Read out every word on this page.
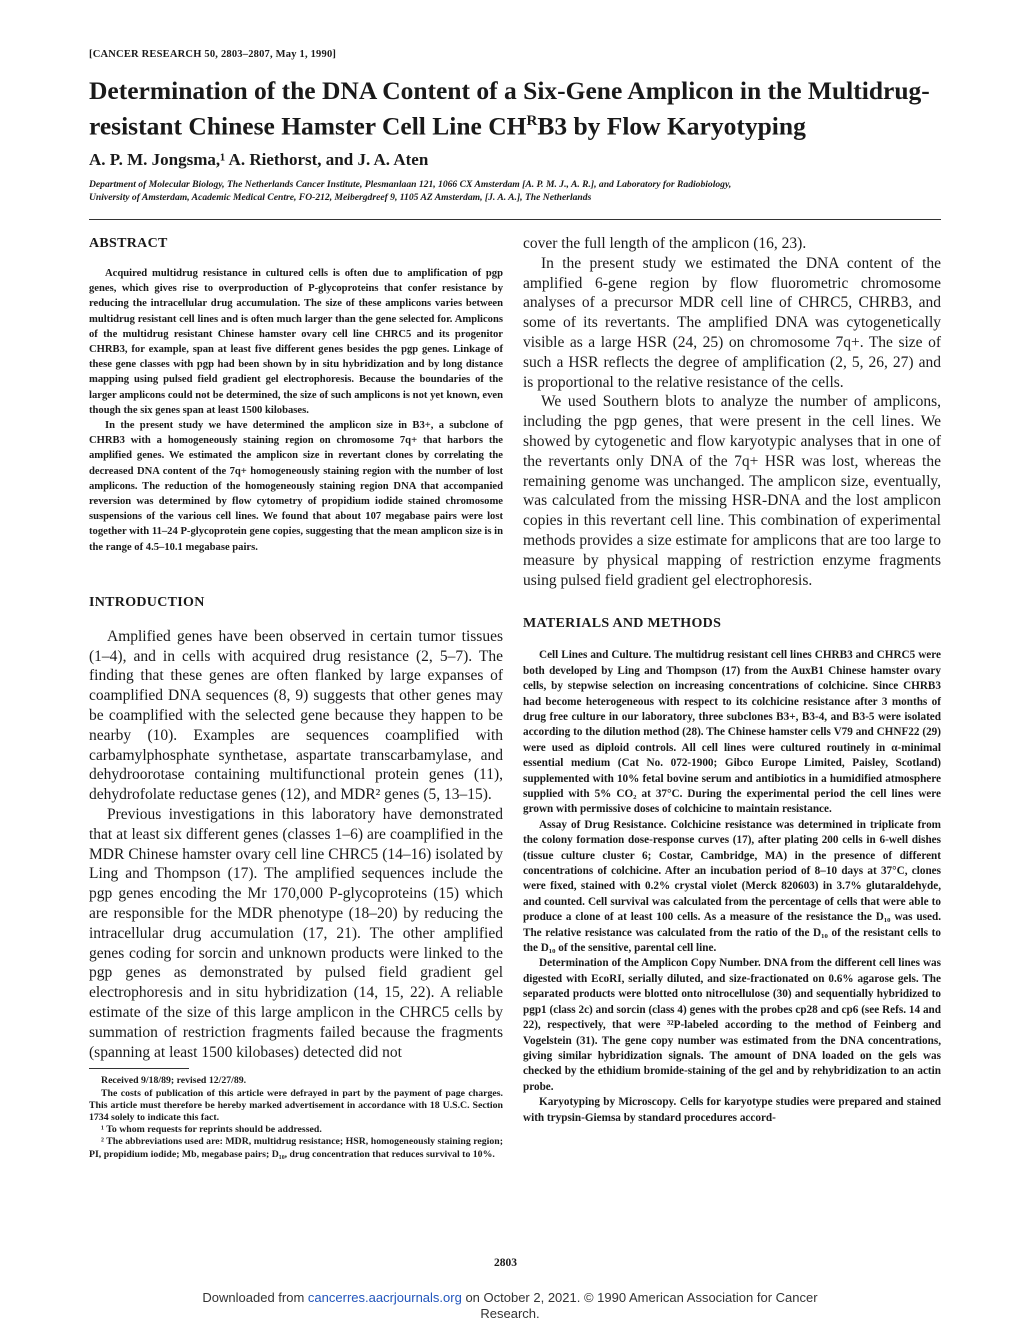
[CANCER RESEARCH 50, 2803–2807, May 1, 1990]
Determination of the DNA Content of a Six-Gene Amplicon in the Multidrug-
resistant Chinese Hamster Cell Line $CH^RB3$ by Flow Karyotyping
A. P. M. Jongsma,¹ A. Riethorst, and J. A. Aten
Department of Molecular Biology, The Netherlands Cancer Institute, Plesmanlaan 121, 1066 CX Amsterdam [A. P. M. J., A. R.], and Laboratory for Radiobiology,
University of Amsterdam, Academic Medical Centre, FO-212, Meibergdreef 9, 1105 AZ Amsterdam, [J. A. A.], The Netherlands
ABSTRACT

Acquired multidrug resistance in cultured cells is often due to amplification of pgp genes, which gives rise to overproduction of P-glycoproteins that confer resistance by reducing the intracellular drug accumulation. The size of these amplicons varies between multidrug resistant cell lines and is often much larger than the gene selected for. Amplicons of the multidrug resistant Chinese hamster ovary cell line CHRC5 and its progenitor CHRB3, for example, span at least five different genes besides the pgp genes. Linkage of these gene classes with pgp had been shown by in situ hybridization and by long distance mapping using pulsed field gradient gel electrophoresis. Because the boundaries of the larger amplicons could not be determined, the size of such amplicons is not yet known, even though the six genes span at least 1500 kilobases.

In the present study we have determined the amplicon size in B3+, a subclone of CHRB3 with a homogeneously staining region on chromosome 7q+ that harbors the amplified genes. We estimated the amplicon size in revertant clones by correlating the decreased DNA content of the 7q+ homogeneously staining region with the number of lost amplicons. The reduction of the homogeneously staining region DNA that accompanied reversion was determined by flow cytometry of propidium iodide stained chromosome suspensions of the various cell lines. We found that about 107 megabase pairs were lost together with 11–24 P-glycoprotein gene copies, suggesting that the mean amplicon size is in the range of 4.5–10.1 megabase pairs.

INTRODUCTION

Amplified genes have been observed in certain tumor tissues (1–4), and in cells with acquired drug resistance (2, 5–7). The finding that these genes are often flanked by large expanses of coamplified DNA sequences (8, 9) suggests that other genes may be coamplified with the selected gene because they happen to be nearby (10). Examples are sequences coamplified with carbamylphosphate synthetase, aspartate transcarbamylase, and dehydroorotase containing multifunctional protein genes (11), dehydrofolate reductase genes (12), and MDR² genes (5, 13–15).

Previous investigations in this laboratory have demonstrated that at least six different genes (classes 1–6) are coamplified in the MDR Chinese hamster ovary cell line CHRC5 (14–16) isolated by Ling and Thompson (17). The amplified sequences include the pgp genes encoding the Mr 170,000 P-glycoproteins (15) which are responsible for the MDR phenotype (18–20) by reducing the intracellular drug accumulation (17, 21). The other amplified genes coding for sorcin and unknown products were linked to the pgp genes as demonstrated by pulsed field gradient gel electrophoresis and in situ hybridization (14, 15, 22). A reliable estimate of the size of this large amplicon in the CHRC5 cells by summation of restriction fragments failed because the fragments (spanning at least 1500 kilobases) detected did not

Received 9/18/89; revised 12/27/89.

The costs of publication of this article were defrayed in part by the payment of page charges. This article must therefore be hereby marked advertisement in accordance with 18 U.S.C. Section 1734 solely to indicate this fact.

¹ To whom requests for reprints should be addressed.

² The abbreviations used are: MDR, multidrug resistance; HSR, homogeneously staining region; PI, propidium iodide; Mb, megabase pairs; D₁₀, drug concentration that reduces survival to 10%.

cover the full length of the amplicon (16, 23).

In the present study we estimated the DNA content of the amplified 6-gene region by flow fluorometric chromosome analyses of a precursor MDR cell line of CHRC5, CHRB3, and some of its revertants. The amplified DNA was cytogenetically visible as a large HSR (24, 25) on chromosome 7q+. The size of such a HSR reflects the degree of amplification (2, 5, 26, 27) and is proportional to the relative resistance of the cells.

We used Southern blots to analyze the number of amplicons, including the pgp genes, that were present in the cell lines. We showed by cytogenetic and flow karyotypic analyses that in one of the revertants only DNA of the 7q+ HSR was lost, whereas the remaining genome was unchanged. The amplicon size, eventually, was calculated from the missing HSR-DNA and the lost amplicon copies in this revertant cell line. This combination of experimental methods provides a size estimate for amplicons that are too large to measure by physical mapping of restriction enzyme fragments using pulsed field gradient gel electrophoresis.

MATERIALS AND METHODS

Cell Lines and Culture. The multidrug resistant cell lines CHRB3 and CHRC5 were both developed by Ling and Thompson (17) from the AuxB1 Chinese hamster ovary cells, by stepwise selection on increasing concentrations of colchicine. Since CHRB3 had become heterogeneous with respect to its colchicine resistance after 3 months of drug free culture in our laboratory, three subclones B3+, B3-4, and B3-5 were isolated according to the dilution method (28). The Chinese hamster cells V79 and CHNF22 (29) were used as diploid controls. All cell lines were cultured routinely in α-minimal essential medium (Cat No. 072-1900; Gibco Europe Limited, Paisley, Scotland) supplemented with 10% fetal bovine serum and antibiotics in a humidified atmosphere supplied with 5% CO₂ at 37°C. During the experimental period the cell lines were grown with permissive doses of colchicine to maintain resistance.

Assay of Drug Resistance. Colchicine resistance was determined in triplicate from the colony formation dose-response curves (17), after plating 200 cells in 6-well dishes (tissue culture cluster 6; Costar, Cambridge, MA) in the presence of different concentrations of colchicine. After an incubation period of 8–10 days at 37°C, clones were fixed, stained with 0.2% crystal violet (Merck 820603) in 3.7% glutaraldehyde, and counted. Cell survival was calculated from the percentage of cells that were able to produce a clone of at least 100 cells. As a measure of the resistance the D₁₀ was used. The relative resistance was calculated from the ratio of the D₁₀ of the resistant cells to the D₁₀ of the sensitive, parental cell line.

Determination of the Amplicon Copy Number. DNA from the different cell lines was digested with EcoRI, serially diluted, and size-fractionated on 0.6% agarose gels. The separated products were blotted onto nitrocellulose (30) and sequentially hybridized to pgp1 (class 2c) and sorcin (class 4) genes with the probes cp28 and cp6 (see Refs. 14 and 22), respectively, that were ³²P-labeled according to the method of Feinberg and Vogelstein (31). The gene copy number was estimated from the DNA concentrations, giving similar hybridization signals. The amount of DNA loaded on the gels was checked by the ethidium bromide-staining of the gel and by rehybridization to an actin probe.

Karyotyping by Microscopy. Cells for karyotype studies were prepared and stained with trypsin-Giemsa by standard procedures accord-

2803
Downloaded from cancerres.aacrjournals.org on October 2, 2021. © 1990 American Association for Cancer
Research.
